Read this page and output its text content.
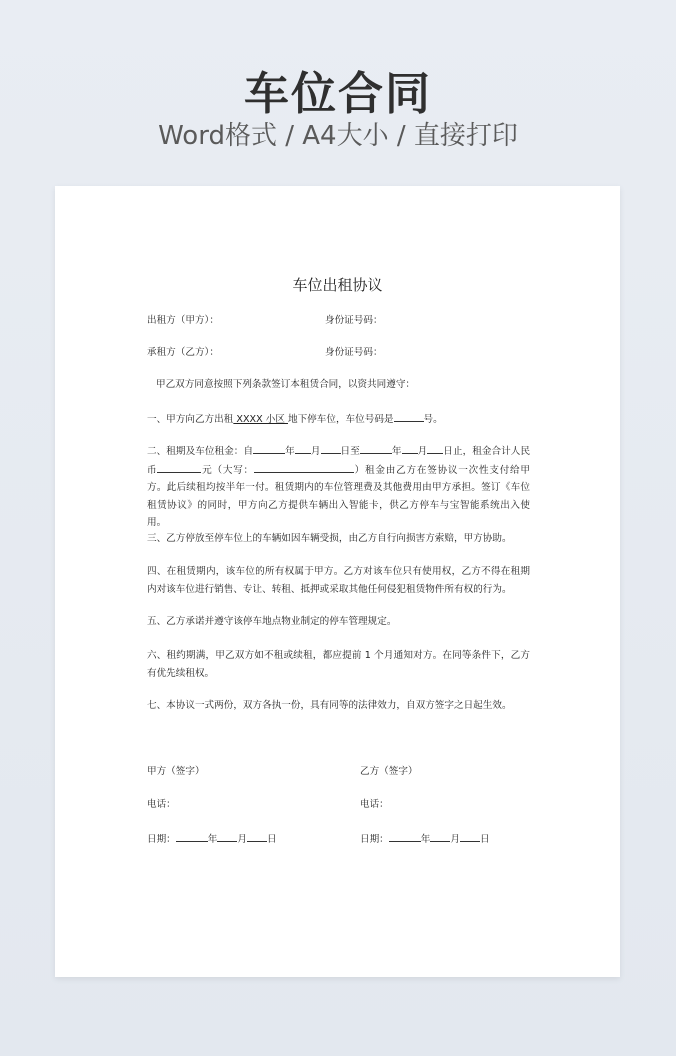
车位合同
Word格式 / A4大小 / 直接打印
车位出租协议
出租方（甲方）：	身份证号码：
承租方（乙方）：	身份证号码：
甲乙双方同意按照下列条款签订本租赁合同，以资共同遵守：
一、甲方向乙方出租 XXXX 小区 地下停车位，车位号码是	号。
二、租期及车位租金：自	年 月 日至	年 月 日止，租金合计人民币	元（大写：	）租金由乙方在签协议一次性支付给甲方。此后续租均按半年一付。租赁期内的车位管理费及其他费用由甲方承担。签订《车位租赁协议》的同时，甲方向乙方提供车辆出入智能卡，供乙方停车与宝智能系统出入使用。
三、乙方停放至停车位上的车辆如因车辆受损，由乙方自行向损害方索赔，甲方协助。
四、在租赁期内，该车位的所有权属于甲方。乙方对该车位只有使用权，乙方不得在租期内对该车位进行销售、专让、转租、抵押或采取其他任何侵犯租赁物件所有权的行为。
五、乙方承诺并遵守该停车地点物业制定的停车管理规定。
六、租约期满，甲乙双方如不租或续租，都应提前 1 个月通知对方。在同等条件下，乙方有优先续租权。
七、本协议一式两份，双方各执一份，具有同等的法律效力，自双方签字之日起生效。
甲方（签字）	乙方（签字）
电话：	电话：
日期：	年 月 日	日期：	年 月 日
